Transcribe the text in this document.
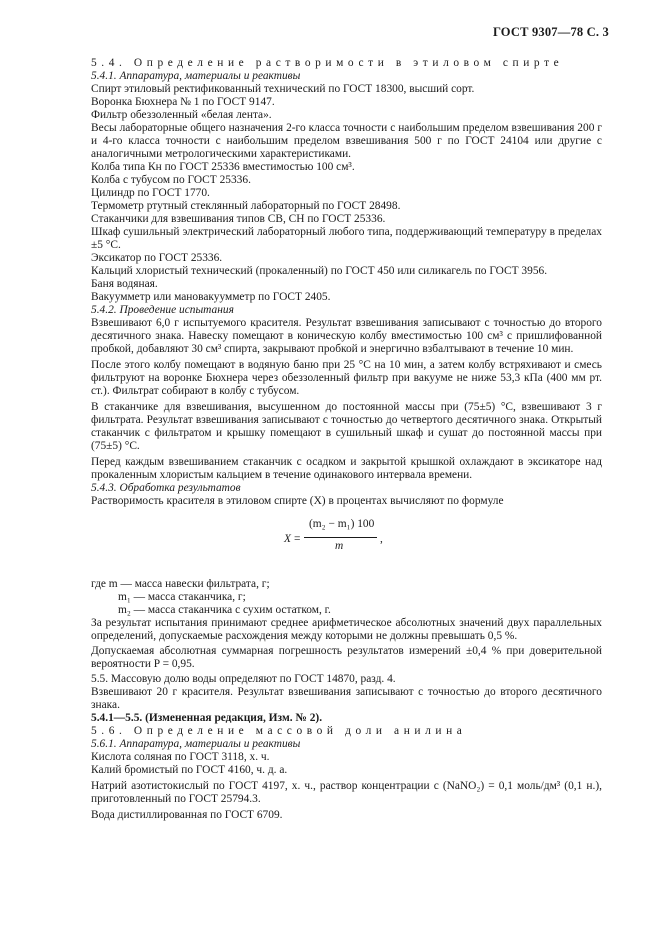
ГОСТ 9307—78 С. 3

5.4. Определение растворимости в этиловом спирте

5.4.1. Аппаратура, материалы и реактивы

Спирт этиловый ректификованный технический по ГОСТ 18300, высший сорт.

Воронка Бюхнера № 1 по ГОСТ 9147.

Фильтр обеззоленный «белая лента».

Весы лабораторные общего назначения 2-го класса точности с наибольшим пределом взвешивания 200 г и 4-го класса точности с наибольшим пределом взвешивания 500 г по ГОСТ 24104 или другие с аналогичными метрологическими характеристиками.

Колба типа Кн по ГОСТ 25336 вместимостью 100 см³.

Колба с тубусом по ГОСТ 25336.

Цилиндр по ГОСТ 1770.

Термометр ртутный стеклянный лабораторный по ГОСТ 28498.

Стаканчики для взвешивания типов СВ, СН по ГОСТ 25336.

Шкаф сушильный электрический лабораторный любого типа, поддерживающий температуру в пределах ±5 °С.

Эксикатор по ГОСТ 25336.

Кальций хлористый технический (прокаленный) по ГОСТ 450 или силикагель по ГОСТ 3956.

Баня водяная.

Вакуумметр или мановакуумметр по ГОСТ 2405.

5.4.2. Проведение испытания

Взвешивают 6,0 г испытуемого красителя. Результат взвешивания записывают с точностью до второго десятичного знака. Навеску помещают в коническую колбу вместимостью 100 см³ с пришлифованной пробкой, добавляют 30 см³ спирта, закрывают пробкой и энергично взбалтывают в течение 10 мин.

После этого колбу помещают в водяную баню при 25 °С на 10 мин, а затем колбу встряхивают и смесь фильтруют на воронке Бюхнера через обеззоленный фильтр при вакууме не ниже 53,3 кПа (400 мм рт. ст.). Фильтрат собирают в колбу с тубусом.

В стаканчике для взвешивания, высушенном до постоянной массы при (75±5) °С, взвешивают 3 г фильтрата. Результат взвешивания записывают с точностью до четвертого десятичного знака. Открытый стаканчик с фильтратом и крышку помещают в сушильный шкаф и сушат до постоянной массы при (75±5) °С.

Перед каждым взвешиванием стаканчик с осадком и закрытой крышкой охлаждают в эксикаторе над прокаленным хлористым кальцием в течение одинакового интервала времени.

5.4.3. Обработка результатов

Растворимость красителя в этиловом спирте (X) в процентах вычисляют по формуле

X =
(m₂ − m₁) 100
m
,

где m — масса навески фильтрата, г;

m₁ — масса стаканчика, г;

m₂ — масса стаканчика с сухим остатком, г.

За результат испытания принимают среднее арифметическое абсолютных значений двух параллельных определений, допускаемые расхождения между которыми не должны превышать 0,5 %.

Допускаемая абсолютная суммарная погрешность результатов измерений ±0,4 % при доверительной вероятности P = 0,95.

5.5. Массовую долю воды определяют по ГОСТ 14870, разд. 4.

Взвешивают 20 г красителя. Результат взвешивания записывают с точностью до второго десятичного знака.

5.4.1—5.5. (Измененная редакция, Изм. № 2).

5.6. Определение массовой доли анилина

5.6.1. Аппаратура, материалы и реактивы

Кислота соляная по ГОСТ 3118, х. ч.

Калий бромистый по ГОСТ 4160, ч. д. а.

Натрий азотистокислый по ГОСТ 4197, х. ч., раствор концентрации c (NaNO₂) = 0,1 моль/дм³ (0,1 н.), приготовленный по ГОСТ 25794.3.

Вода дистиллированная по ГОСТ 6709.
